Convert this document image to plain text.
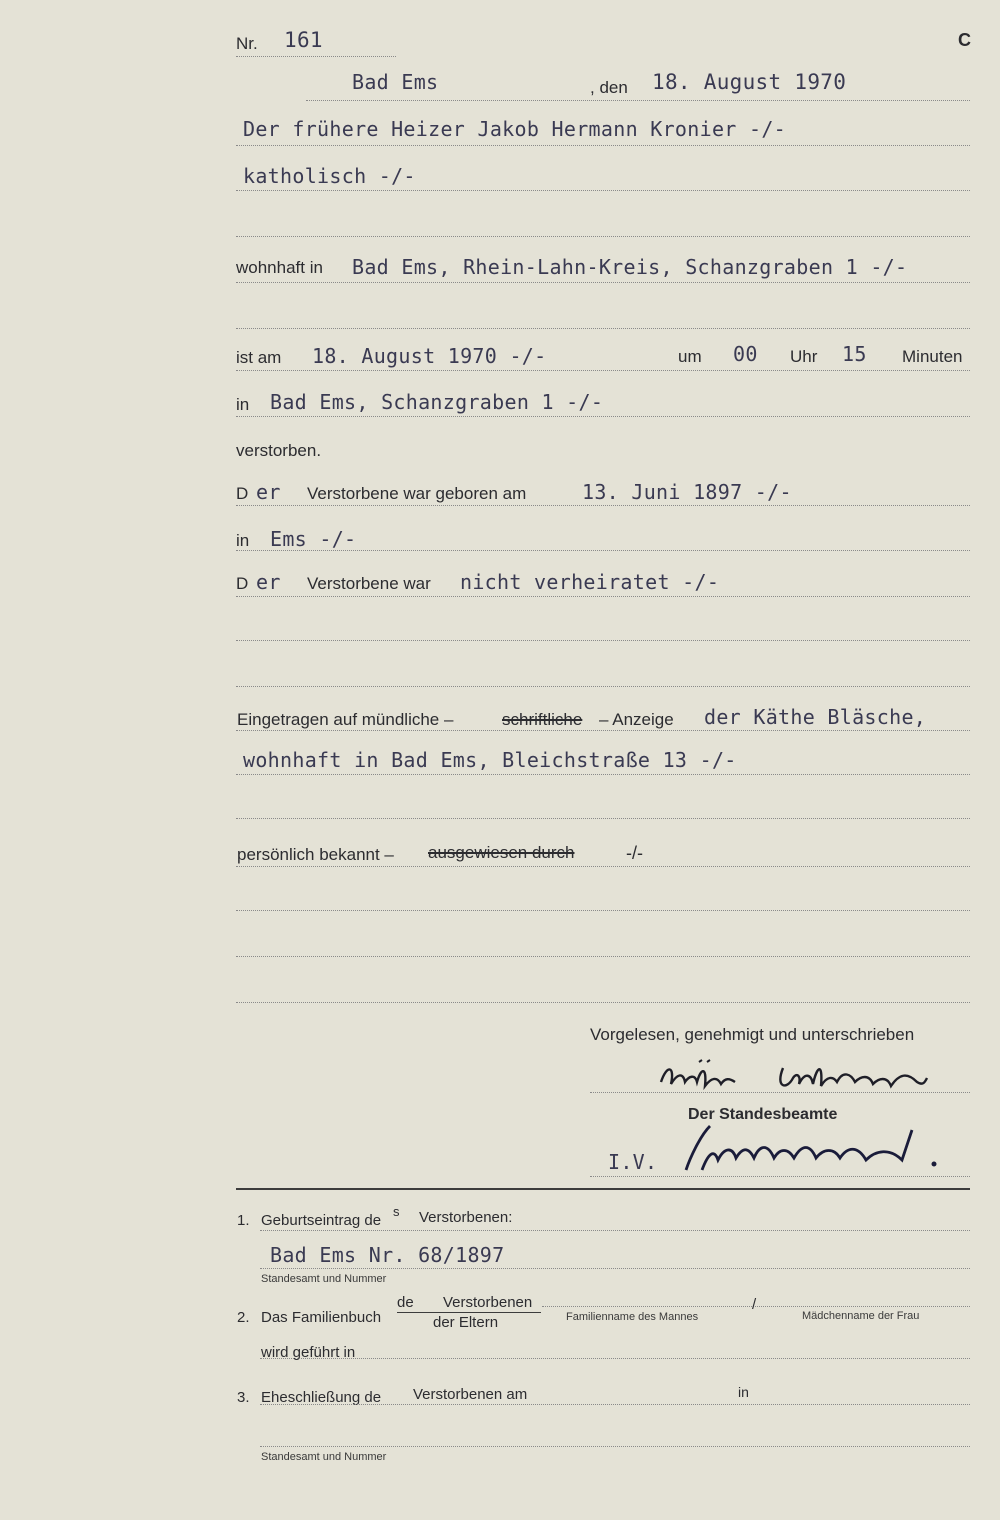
Nr. 161	C
Bad Ems	, den 18. August 1970
Der frühere Heizer Jakob Hermann Kronier -/-
katholisch -/-
wohnhaft in Bad Ems, Rhein-Lahn-Kreis, Schanzgraben 1 -/-
ist am 18. August 1970 -/-	um 00 Uhr 15 Minuten
in Bad Ems, Schanzgraben 1 -/-
verstorben.
D er Verstorbene war geboren am	13. Juni 1897 -/-
in Ems -/-
D er Verstorbene war nicht verheiratet -/-
Eingetragen auf mündliche –	schriftliche – Anzeige der Käthe Bläsche,
wohnhaft in Bad Ems, Bleichstraße 13 -/-
persönlich bekannt – ausgewiesen durch	-/-
Vorgelesen, genehmigt und unterschrieben
Der Standesbeamte
I.V.
1. Geburtseintrag de
s Verstorbenen:
Bad Ems Nr. 68/1897
Standesamt und Nummer
2. Das Familienbuch
de Verstorbenen
der Eltern	Familienname des Mannes
/
Mädchenname der Frau
wird geführt in
3. Eheschließung de Verstorbenen am	in
Standesamt und Nummer
